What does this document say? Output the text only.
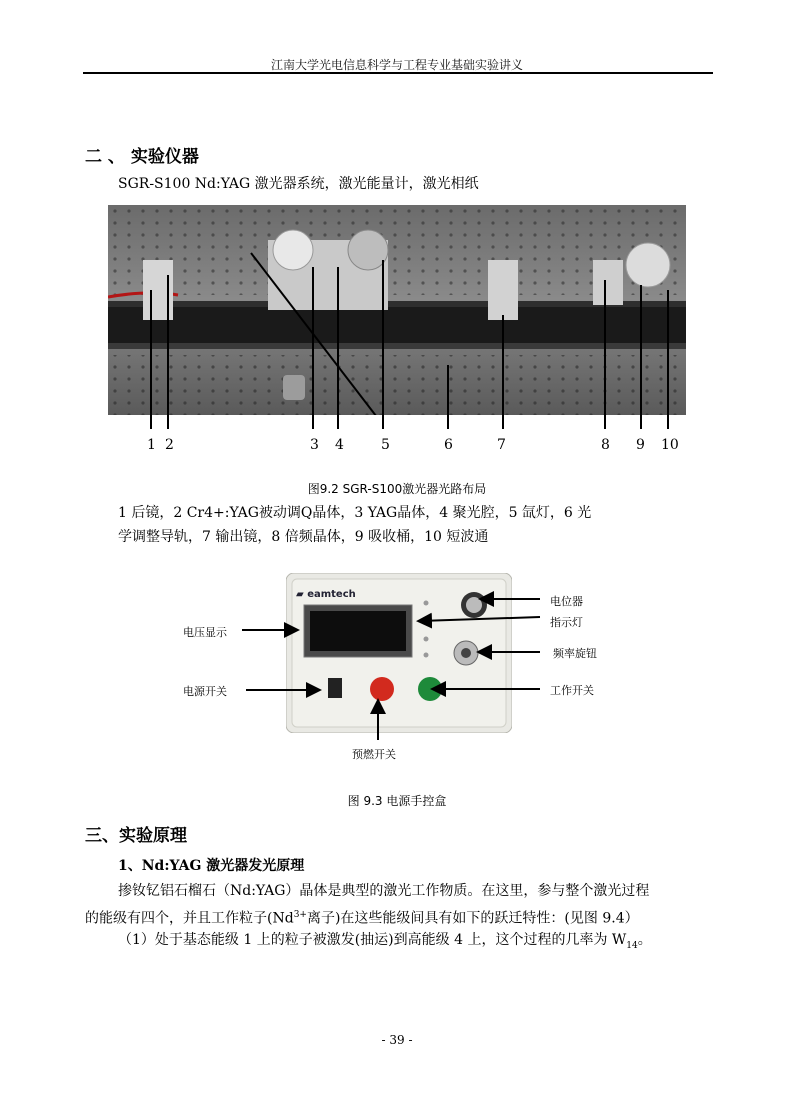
江南大学光电信息科学与工程专业基础实验讲义
二 、 实验仪器
SGR-S100 Nd:YAG 激光器系统，激光能量计，激光相纸
1 2	3 4	5	6	7	8 9 10
图9.2 SGR-S100激光器光路布局
1 后镜，2 Cr4+:YAG被动调Q晶体，3 YAG晶体，4 聚光腔，5 氙灯，6 光
学调整导轨，7 输出镜，8 倍频晶体，9 吸收桶，10 短波通
▰ eamtech
电位器
指示灯
电压显示
频率旋钮
电源开关	工作开关
预燃开关
图 9.3 电源手控盒
三、实验原理
1、Nd:YAG 激光器发光原理
掺钕钇铝石榴石（Nd:YAG）晶体是典型的激光工作物质。在这里，参与整个激光过程
的能级有四个，并且工作粒子($Nd^{3+}$离子)在这些能级间具有如下的跃迁特性：(见图 9.4）
（1）处于基态能级 1 上的粒子被激发(抽运)到高能级 4 上，这个过程的几率为 $W_{14}$。
- 39 -
